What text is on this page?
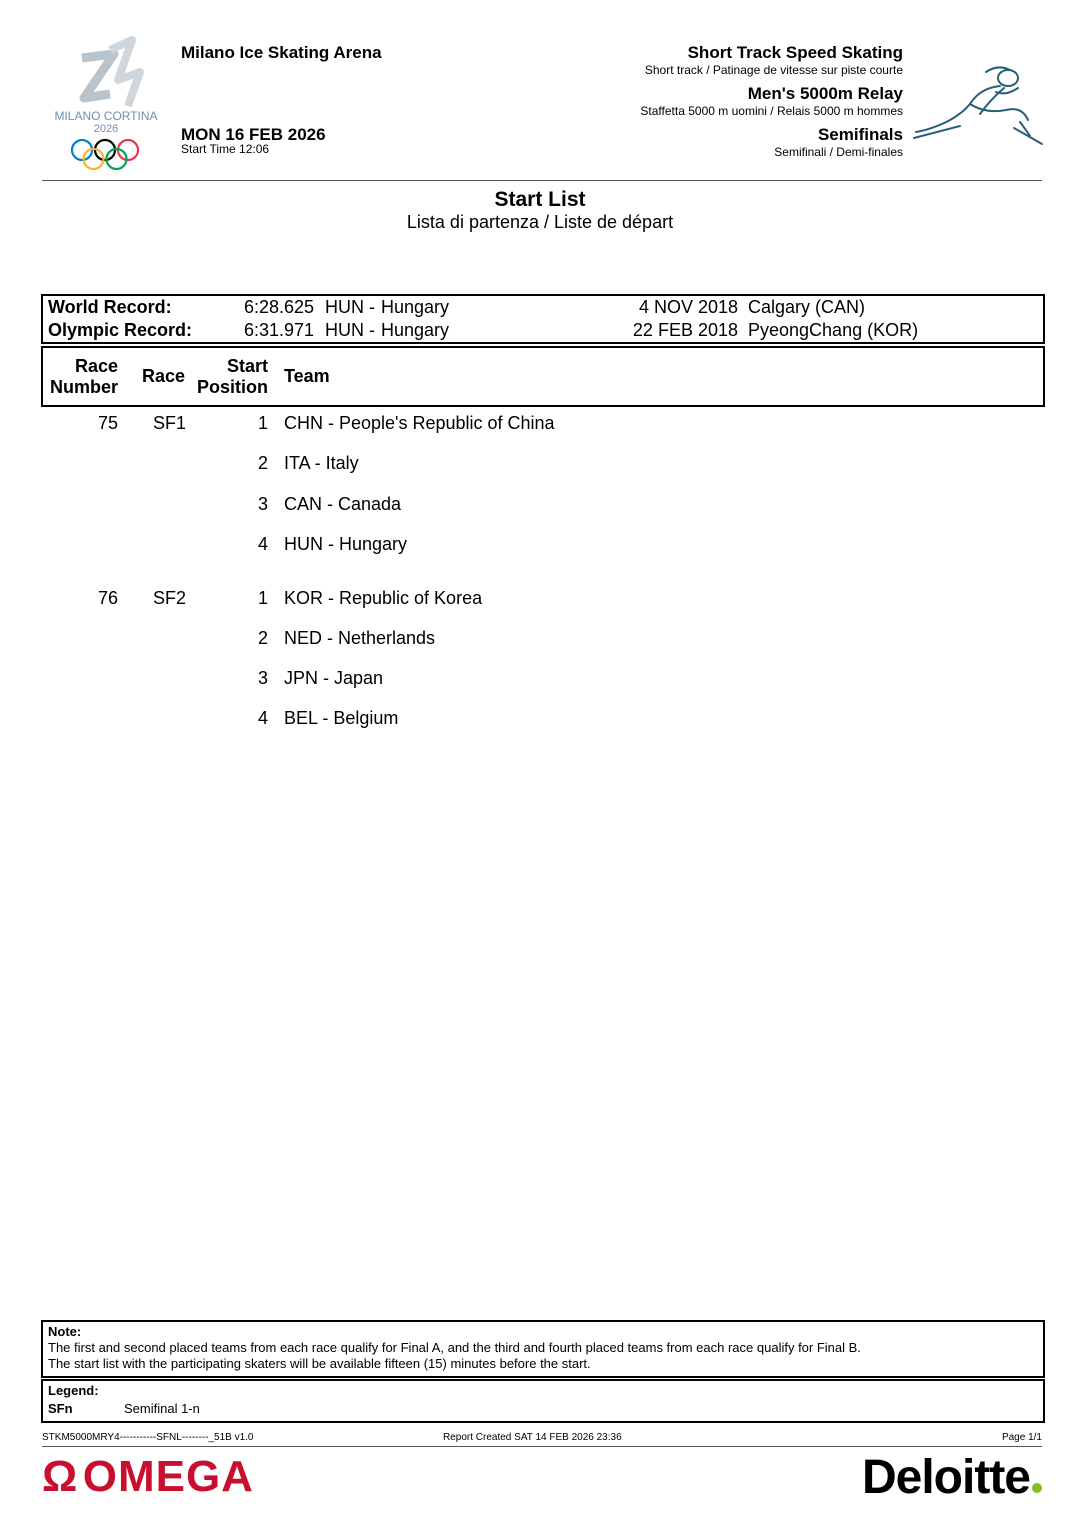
MILANO CORTINA
2026
Milano Ice Skating Arena
MON 16 FEB 2026
Start Time 12:06
Short Track Speed Skating
Short track / Patinage de vitesse sur piste courte
Men's 5000m Relay
Staffetta 5000 m uomini / Relais 5000 m hommes
Semifinals
Semifinali / Demi-finales
Start List
Lista di partenza / Liste de départ
World Record:	6:28.625 HUN - Hungary	4 NOV 2018 Calgary (CAN)
Olympic Record:	6:31.971 HUN - Hungary	22 FEB 2018 PyeongChang (KOR)
Race
Number
Race	Start
Position
Team
75 SF1	1 CHN - People's Republic of China
2 ITA - Italy
3 CAN - Canada
4 HUN - Hungary
76 SF2	1 KOR - Republic of Korea
2 NED - Netherlands
3 JPN - Japan
4 BEL - Belgium
Note:
The first and second placed teams from each race qualify for Final A, and the third and fourth placed teams from each race qualify for Final B.
The start list with the participating skaters will be available fifteen (15) minutes before the start.
Legend:
SFn	Semifinal 1-n
STKM5000MRY4-----------SFNL--------_51B v1.0	Report Created SAT 14 FEB 2026 23:36	Page 1/1
Ω OMEGA	Deloitte
